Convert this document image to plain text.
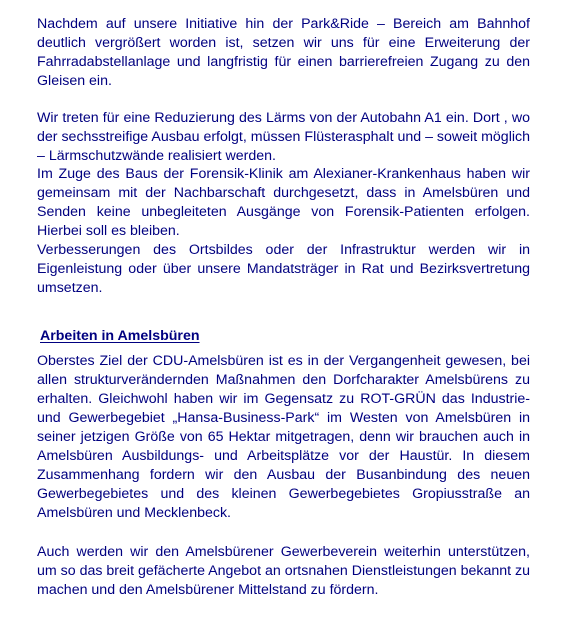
Nachdem auf unsere Initiative hin der Park&Ride – Bereich am Bahnhof deutlich vergrößert worden ist, setzen wir uns für eine Erweiterung der Fahrradabstellanlage und langfristig für einen barrierefreien Zugang zu den Gleisen ein.

Wir treten für eine Reduzierung des Lärms von der Autobahn A1 ein. Dort , wo der sechsstreifige Ausbau erfolgt, müssen Flüsterasphalt und – soweit möglich – Lärmschutzwände realisiert werden.

Im Zuge des Baus der Forensik-Klinik am Alexianer-Krankenhaus haben wir gemeinsam mit der Nachbarschaft durchgesetzt, dass in Amelsbüren und Senden keine unbegleiteten Ausgänge von Forensik-Patienten erfolgen. Hierbei soll es bleiben.

Verbesserungen des Ortsbildes oder der Infrastruktur werden wir in Eigenleistung oder über unsere Mandatsträger in Rat und Bezirksvertretung umsetzen.

Arbeiten in Amelsbüren

Oberstes Ziel der CDU-Amelsbüren ist es in der Vergangenheit gewesen, bei allen strukturverändernden Maßnahmen den Dorfcharakter Amelsbürens zu erhalten. Gleichwohl haben wir im Gegensatz zu ROT-GRÜN das Industrie- und Gewerbegebiet „Hansa-Business-Park“ im Westen von Amelsbüren in seiner jetzigen Größe von 65 Hektar mitgetragen, denn wir brauchen auch in Amelsbüren Ausbildungs- und Arbeitsplätze vor der Haustür. In diesem Zusammenhang fordern wir den Ausbau der Busanbindung des neuen Gewerbegebietes und des kleinen Gewerbegebietes Gropiusstraße an Amelsbüren und Mecklenbeck.

Auch werden wir den Amelsbürener Gewerbeverein weiterhin unterstützen, um so das breit gefächerte Angebot an ortsnahen Dienstleistungen bekannt zu machen und den Amelsbürener Mittelstand zu fördern.
